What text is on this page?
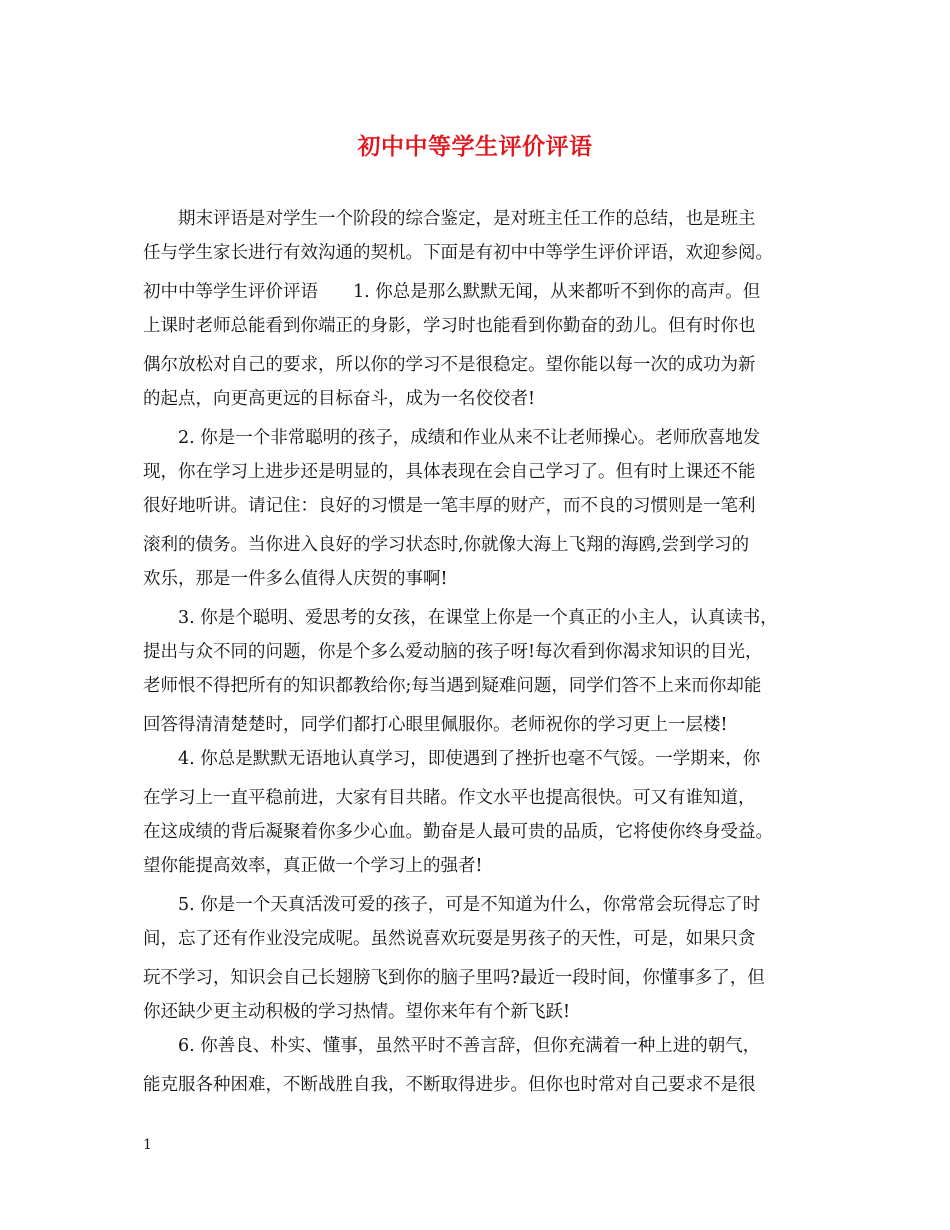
初中中等学生评价评语
期末评语是对学生一个阶段的综合鉴定，是对班主任工作的总结，也是班主
任与学生家长进行有效沟通的契机。下面是有初中中等学生评价评语，欢迎参阅。
初中中等学生评价评语　　1. 你总是那么默默无闻，从来都听不到你的高声。但
上课时老师总能看到你端正的身影，学习时也能看到你勤奋的劲儿。但有时你也
偶尔放松对自己的要求，所以你的学习不是很稳定。望你能以每一次的成功为新
的起点，向更高更远的目标奋斗，成为一名佼佼者!
2. 你是一个非常聪明的孩子，成绩和作业从来不让老师操心。老师欣喜地发
现，你在学习上进步还是明显的，具体表现在会自己学习了。但有时上课还不能
很好地听讲。请记住：良好的习惯是一笔丰厚的财产，而不良的习惯则是一笔利
滚利的债务。当你进入良好的学习状态时,你就像大海上飞翔的海鸥,尝到学习的
欢乐，那是一件多么值得人庆贺的事啊!
3. 你是个聪明、爱思考的女孩，在课堂上你是一个真正的小主人，认真读书，
提出与众不同的问题，你是个多么爱动脑的孩子呀!每次看到你渴求知识的目光，
老师恨不得把所有的知识都教给你;每当遇到疑难问题，同学们答不上来而你却能
回答得清清楚楚时，同学们都打心眼里佩服你。老师祝你的学习更上一层楼!
4. 你总是默默无语地认真学习，即使遇到了挫折也毫不气馁。一学期来，你
在学习上一直平稳前进，大家有目共睹。作文水平也提高很快。可又有谁知道，
在这成绩的背后凝聚着你多少心血。勤奋是人最可贵的品质，它将使你终身受益。
望你能提高效率，真正做一个学习上的强者!
5. 你是一个天真活泼可爱的孩子，可是不知道为什么，你常常会玩得忘了时
间，忘了还有作业没完成呢。虽然说喜欢玩耍是男孩子的天性，可是，如果只贪
玩不学习，知识会自己长翅膀飞到你的脑子里吗?最近一段时间，你懂事多了，但
你还缺少更主动积极的学习热情。望你来年有个新飞跃!
6. 你善良、朴实、懂事，虽然平时不善言辞，但你充满着一种上进的朝气，
能克服各种困难，不断战胜自我，不断取得进步。但你也时常对自己要求不是很
1
